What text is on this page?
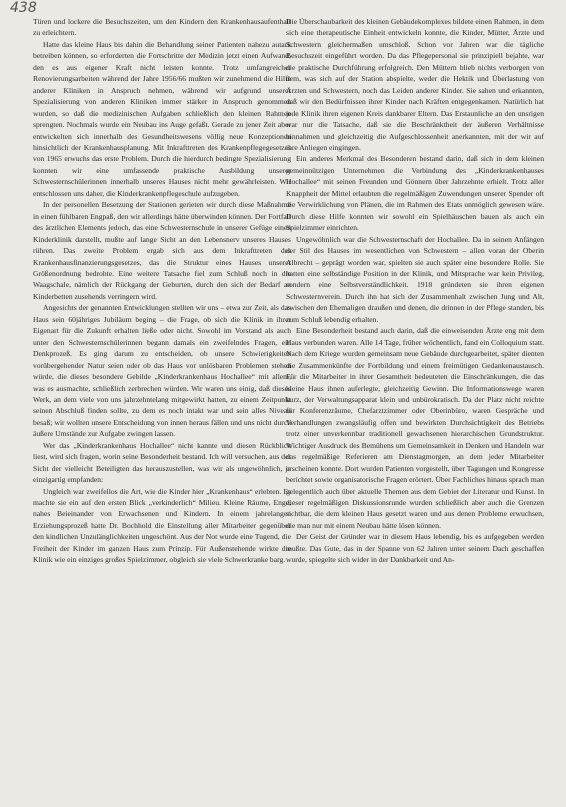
438

Türen und lockere die Besuchszeiten, um den Kindern den Krankenhausaufenthalt zu erleichtern.

Hatte das kleine Haus bis dahin die Behandlung seiner Patienten nahezu autark betreiben können, so erforderten die Fortschritte der Medizin jetzt einen Aufwand, den es aus eigener Kraft nicht leisten konnte. Trotz umfangreicher Renovierungsarbeiten während der Jahre 1956/66 mußten wir zunehmend die Hilfe anderer Kliniken in Anspruch nehmen, während wir aufgrund unserer Spezialisierung von anderen Kliniken immer stärker in Anspruch genommen wurden, so daß die medizinischen Aufgaben schließlich den kleinen Rahmen sprengten. Nochmals wurde ein Neubau ins Auge gefaßt. Gerade zu jener Zeit aber entwickelten sich innerhalb des Gesundheitswesens völlig neue Konzeptionen hinsichtlich der Krankenhausplanung. Mit Inkrafttreten des Krankenpflegegesetzes von 1965 erwuchs das erste Problem. Durch die hierdurch bedingte Spezialisierung konnten wir eine umfassende praktische Ausbildung unserer Schwesternschülerinnen innerhalb unseres Hauses nicht mehr gewährleisten. Wir entschlossen uns daher, die Kinderkrankenpflegeschule aufzugeben.

In der personellen Besetzung der Stationen gerieten wir durch diese Maßnahme in einen fühlbaren Engpaß, den wir allerdings hätte überwinden können. Der Fortfall des ärztlichen Elements jedoch, das eine Schwesternschule in unserer Gefüge einen Kinderklinik darstellt, mußte auf lange Sicht an den Lebensnerv unseres Hauses rühren. Das zweite Problem ergab sich aus dem Inkrafttreten des Krankenhausfinanzierungsgesetzes, das die Struktur eines Hauses unserer Größenordnung bedrohte. Eine weitere Tatsache fiel zum Schluß noch in die Waagschale, nämlich der Rückgang der Geburten, durch den sich der Bedarf an Kinderbetten zusehends verringern wird.

Angesichts der genannten Entwicklungen stellten wir uns – etwa zur Zeit, als das Haus sein 60jähriges Jubiläum beging – die Frage, ob sich die Klinik in ihrer Eigenart für die Zukunft erhalten ließe oder nicht. Sowohl im Vorstand als auch unter den Schwesternschülerinnen begann damals ein zweifelndes Fragen, ein Denkprozeß. Es ging darum zu entscheiden, ob unsere Schwierigkeiten vorübergehender Natur seien oder ob das Haus vor unlösbaren Problemen stehen würde, die dieses besondere Gebilde „Kinderkrankenhaus Hochallee“ mit allem, was es ausmachte, schließlich zerbrechen würden. Wir waren uns einig, daß dieses Werk, an dem viele von uns jahrzehntelang mitgewirkt hatten, zu einem Zeitpunkt seinen Abschluß finden sollte, zu dem es noch intakt war und sein alles Niveau besaß; wir wollten unsere Entscheidung von innen heraus fällen und uns nicht durch äußere Umstände zur Aufgabe zwingen lassen.

Wer das „Kinderkrankenhaus Hochallee“ nicht kannte und diesen Rückblick liest, wird sich fragen, worin seine Besonderheit bestand. Ich will versuchen, aus der Sicht der vielleicht Beteiligten das herauszustellen, was wir als ungewöhnlich, ja einzigartig empfanden:

Ungleich war zweifellos die Art, wie die Kinder hier „Krankenhaus“ erlebten. Es machte sie ein auf den ersten Blick „verkinderlich“ Milieu. Kleine Räume, Enge, nahes Beieinander von Erwachsenen und Kindern. In einem jahrelangen Erziehungsprozeß hatte Dr. Bochhold die Einstellung aller Mitarbeiter gegenüber den kindlichen Unzulänglichkeiten ungeschönt. Aus der Not wurde eine Tugend, die Freiheit der Kinder im ganzen Haus zum Prinzip. Für Außenstehende wirkte die Klinik wie ein einziges großes Spielzimmer, obgleich sie viele Schwerkranke barg.

Die Überschaubarkeit des kleinen Gebäudekomplexes bildete einen Rahmen, in dem sich eine therapeutische Einheit entwickeln konnte, die Kinder, Mütter, Ärzte und Schwestern gleichermaßen umschloß. Schon vor Jahren war die tägliche Besuchszeit eingeführt worden. Da das Pflegepersonal sie prinzipiell bejahte, war die praktische Durchführung erfolgreich. Den Müttern blieb nichts verborgen von dem, was sich auf der Station abspielte, weder die Hektik und Überlastung von Ärzten und Schwestern, noch das Leiden anderer Kinder. Sie sahen und erkannten, daß wir den Bedürfnissen ihrer Kinder nach Kräften entgegenkamen. Natürlich hat jede Klinik ihren eigenen Kreis dankbarer Eltern. Das Erstaunliche an den unsrigen war nur die Tatsache, daß sie die Beschränktheit der äußeren Verhältnisse hinnahmen und gleichzeitig die Aufgeschlossenheit anerkannten, mit der wir auf ihre Anliegen eingingen.

Ein anderes Merkmal des Besonderen bestand darin, daß sich in dem kleinen gemeinnützigen Unternehmen die Verbindung des „Kinderkrankenhauses Hochallee“ mit seinen Freunden und Gönnern über Jahrzehnte erhielt. Trotz aller Knappheit der Mittel erlaubten die regelmäßigen Zuwendungen unserer Spender oft die Verwirklichung von Plänen, die im Rahmen des Etats unmöglich gewesen wäre. Durch diese Hilfe konnten wir sowohl ein Spielhäuschen bauen als auch ein Spielzimmer einrichten.

Ungewöhnlich war die Schwesternschaft der Hochallee. Da in seinen Anfängen der Stil des Hauses im wesentlichen von Schwestern – allen voran der Oberin Albrecht – geprägt worden war, spielten sie auch später eine besondere Rolle. Sie hatten eine selbständige Position in der Klinik, und Mitsprache war kein Privileg, sondern eine Selbstverständlichkeit. 1918 gründeten sie ihren eigenen Schwesternverein. Durch ihn hat sich der Zusammenhalt zwischen Jung und Alt, zwischen den Ehemaligen draußen und denen, die drinnen in der Pflege standen, bis zum Schluß lebendig erhalten.

Eine Besonderheit bestand auch darin, daß die einweisenden Ärzte eng mit dem Haus verbunden waren. Alle 14 Tage, früher wöchentlich, fand ein Colloquium statt. Nach dem Kriege wurden gemeinsam neue Gebäude durchgearbeitet, später dienten die Zusammenkünfte der Fortbildung und einem freimütigen Gedankenaustausch. Für die Mitarbeiter in ihrer Gesamtheit bedeuteten die Einschränkungen, die das kleine Haus ihnen auferlegte, gleichzeitig Gewinn. Die Informationswege waren kurz, der Verwaltungsapparat klein und unbürokratisch. Da der Platz nicht reichte für Konferenzräume, Chefarztzimmer oder Oberinbüro, waren Gespräche und Verhandlungen zwangsläufig offen und bewirkten Durchsichtigkeit des Betriebs trotz einer unverkennbar traditionell gewachsenen hierarchischen Grundstruktur. Wichtiger Ausdruck des Bemühens um Gemeinsamkeit in Denken und Handeln war das regelmäßige Referieren am Dienstagmorgen, an dem jeder Mitarbeiter erscheinen konnte. Dort wurden Patienten vorgestellt, über Tagungen und Kongresse berichtet sowie organisatorische Fragen erörtert. Über Fachliches hinaus sprach man gelegentlich auch über aktuelle Themen aus dem Gebiet der Literatur und Kunst. In dieser regelmäßigen Diskussionsrunde wurden schließlich aber auch die Grenzen sichtbar, die dem kleinen Haus gesetzt waren und aus denen Probleme erwuchsen, die man nur mit einem Neubau hätte lösen können.

Der Geist der Gründer war in diesem Haus lebendig, bis es aufgegeben werden mußte. Das Gute, das in der Spanne von 62 Jahren unter seinem Dach geschaffen wurde, spiegelte sich wider in der Dankbarkeit und An-
